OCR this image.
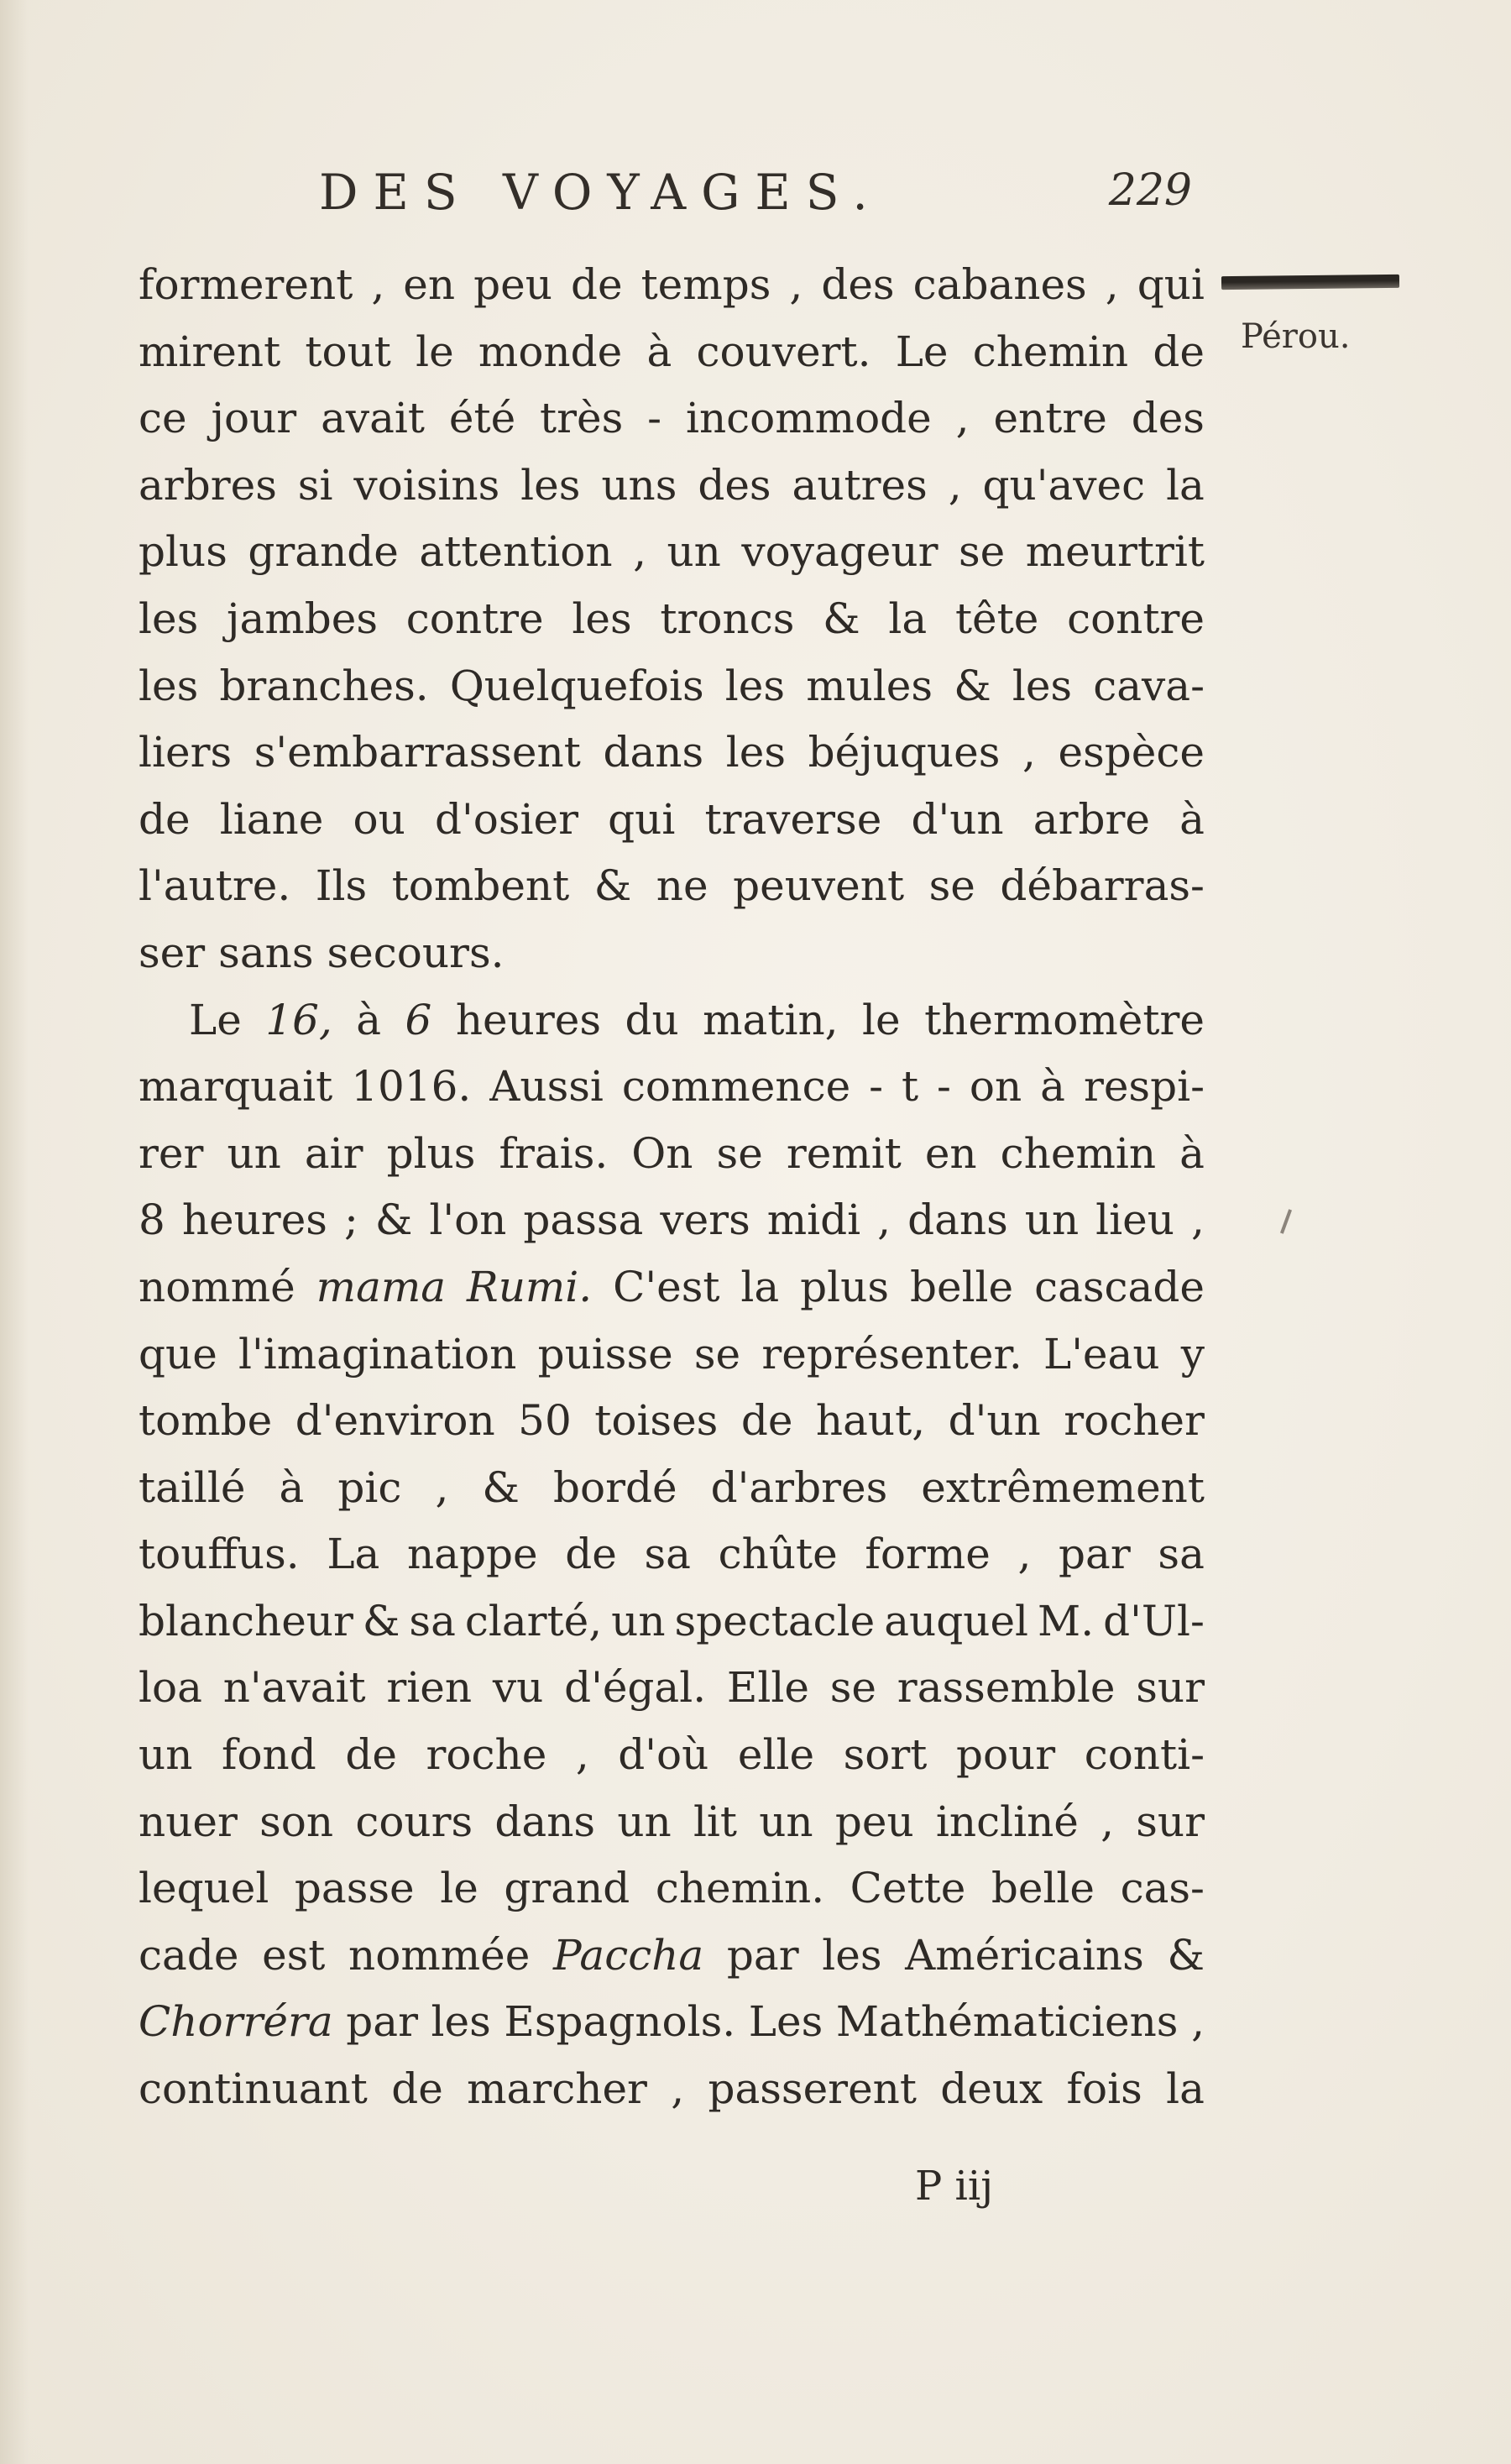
DES VOYAGES.	229
Pérou.
formerent , en peu de temps , des cabanes , qui
mirent tout le monde à couvert. Le chemin de
ce jour avait été très - incommode , entre des
arbres si voisins les uns des autres , qu'avec la
plus grande attention , un voyageur se meurtrit
les jambes contre les troncs & la tête contre
les branches. Quelquefois les mules & les cava-
liers s'embarrassent dans les béjuques , espèce
de liane ou d'osier qui traverse d'un arbre à
l'autre. Ils tombent & ne peuvent se débarras-
ser sans secours.
Le 16, à 6 heures du matin, le thermomètre
marquait 1016. Aussi commence - t - on à respi-
rer un air plus frais. On se remit en chemin à
8 heures ; & l'on passa vers midi , dans un lieu ,
nommé mama Rumi. C'est la plus belle cascade
que l'imagination puisse se représenter. L'eau y
tombe d'environ 50 toises de haut, d'un rocher
taillé à pic , & bordé d'arbres extrêmement
touffus. La nappe de sa chûte forme , par sa
blancheur & sa clarté, un spectacle auquel M. d'Ul-
loa n'avait rien vu d'égal. Elle se rassemble sur
un fond de roche , d'où elle sort pour conti-
nuer son cours dans un lit un peu incliné , sur
lequel passe le grand chemin. Cette belle cas-
cade est nommée Paccha par les Américains &
Chorréra par les Espagnols. Les Mathématiciens ,
continuant de marcher , passerent deux fois la
P iij
